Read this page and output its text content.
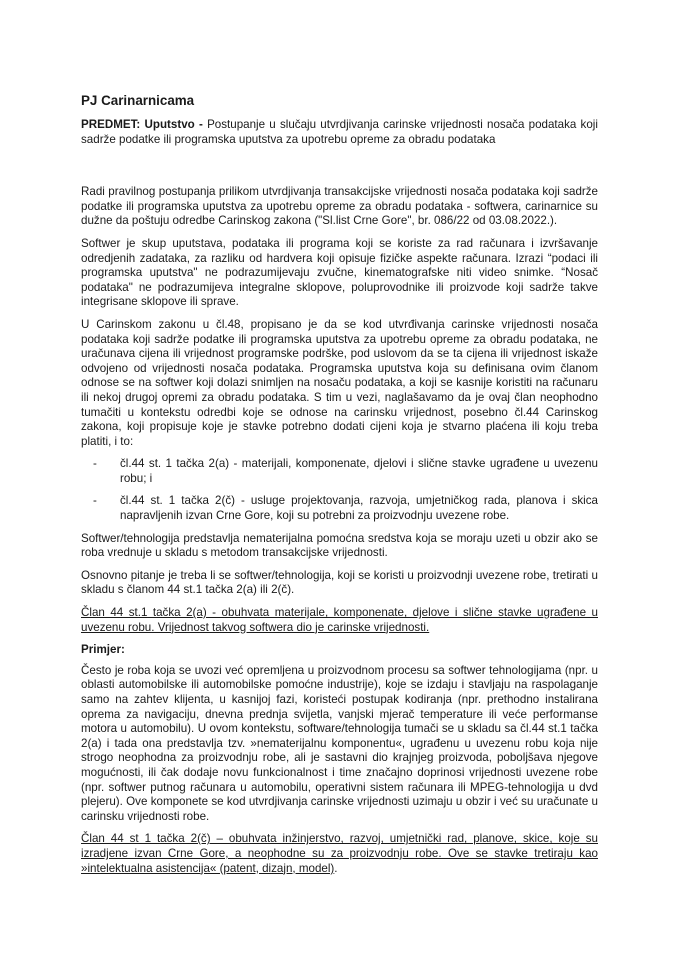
PJ Carinarnicama
PREDMET: Uputstvo - Postupanje u slučaju utvrdjivanja carinske vrijednosti nosača podataka koji sadrže podatke ili programska uputstva za upotrebu opreme za obradu podataka

Radi pravilnog postupanja prilikom utvrdjivanja transakcijske vrijednosti nosača podataka koji sadrže podatke ili programska uputstva za upotrebu opreme za obradu podataka - softwera, carinarnice su dužne da poštuju odredbe Carinskog zakona ("Sl.list Crne Gore", br. 086/22 od 03.08.2022.).

Softwer je skup uputstava, podataka ili programa koji se koriste za rad računara i izvršavanje odredjenih zadataka, za razliku od hardvera koji opisuje fizičke aspekte računara. Izrazi “podaci ili programska uputstva" ne podrazumijevaju zvučne, kinematografske niti video snimke. “Nosač podataka" ne podrazumijeva integralne sklopove, poluprovodnike ili proizvode koji sadrže takve integrisane sklopove ili sprave.

U Carinskom zakonu u čl.48, propisano je da se kod utvrđivanja carinske vrijednosti nosača podataka koji sadrže podatke ili programska uputstva za upotrebu opreme za obradu podataka, ne uračunava cijena ili vrijednost programske podrške, pod uslovom da se ta cijena ili vrijednost iskaže odvojeno od vrijednosti nosača podataka. Programska uputstva koja su definisana ovim članom odnose se na softwer koji dolazi snimljen na nosaču podataka, a koji se kasnije koristiti na računaru ili nekoj drugoj opremi za obradu podataka. S tim u vezi, naglašavamo da je ovaj član neophodno tumačiti u kontekstu odredbi koje se odnose na carinsku vrijednost, posebno čl.44 Carinskog zakona, koji propisuje koje je stavke potrebno dodati cijeni koja je stvarno plaćena ili koju treba platiti, i to:

- čl.44 st. 1 tačka 2(a) - materijali, komponenate, djelovi i slične stavke ugrađene u uvezenu robu; i
- čl.44 st. 1 tačka 2(č) - usluge projektovanja, razvoja, umjetničkog rada, planova i skica napravljenih izvan Crne Gore, koji su potrebni za proizvodnju uvezene robe.

Softwer/tehnologija predstavlja nematerijalna pomoćna sredstva koja se moraju uzeti u obzir ako se roba vrednuje u skladu s metodom transakcijske vrijednosti.

Osnovno pitanje je treba li se softwer/tehnologija, koji se koristi u proizvodnji uvezene robe, tretirati u skladu s članom 44 st.1 tačka 2(a) ili 2(č).

Član 44 st.1 tačka 2(a) - obuhvata materijale, komponenate, djelove i slične stavke ugrađene u uvezenu robu. Vrijednost takvog softwera dio je carinske vrijednosti.

Primjer:

Često je roba koja se uvozi već opremljena u proizvodnom procesu sa softwer tehnologijama (npr. u oblasti automobilske ili automobilske pomoćne industrije), koje se izdaju i stavljaju na raspolaganje samo na zahtev klijenta, u kasnijoj fazi, koristeći postupak kodiranja (npr. prethodno instalirana oprema za navigaciju, dnevna prednja svijetla, vanjski mjerač temperature ili veće performanse motora u automobilu). U ovom kontekstu, software/tehnologija tumači se u skladu sa čl.44 st.1 tačka 2(a) i tada ona predstavlja tzv. »nematerijalnu komponentu«, ugrađenu u uvezenu robu koja nije strogo neophodna za proizvodnju robe, ali je sastavni dio krajnjeg proizvoda, poboljšava njegove mogućnosti, ili čak dodaje novu funkcionalnost i time značajno doprinosi vrijednosti uvezene robe (npr. softwer putnog računara u automobilu, operativni sistem računara ili MPEG-tehnologija u dvd plejeru). Ove komponete se kod utvrdjivanja carinske vrijednosti uzimaju u obzir i već su uračunate u carinsku vrijednosti robe.

Član 44 st 1 tačka 2(č) – obuhvata inžinjerstvo, razvoj, umjetnički rad, planove, skice, koje su izradjene izvan Crne Gore, a neophodne su za proizvodnju robe. Ove se stavke tretiraju kao »intelektualna asistencija« (patent, dizajn, model).
